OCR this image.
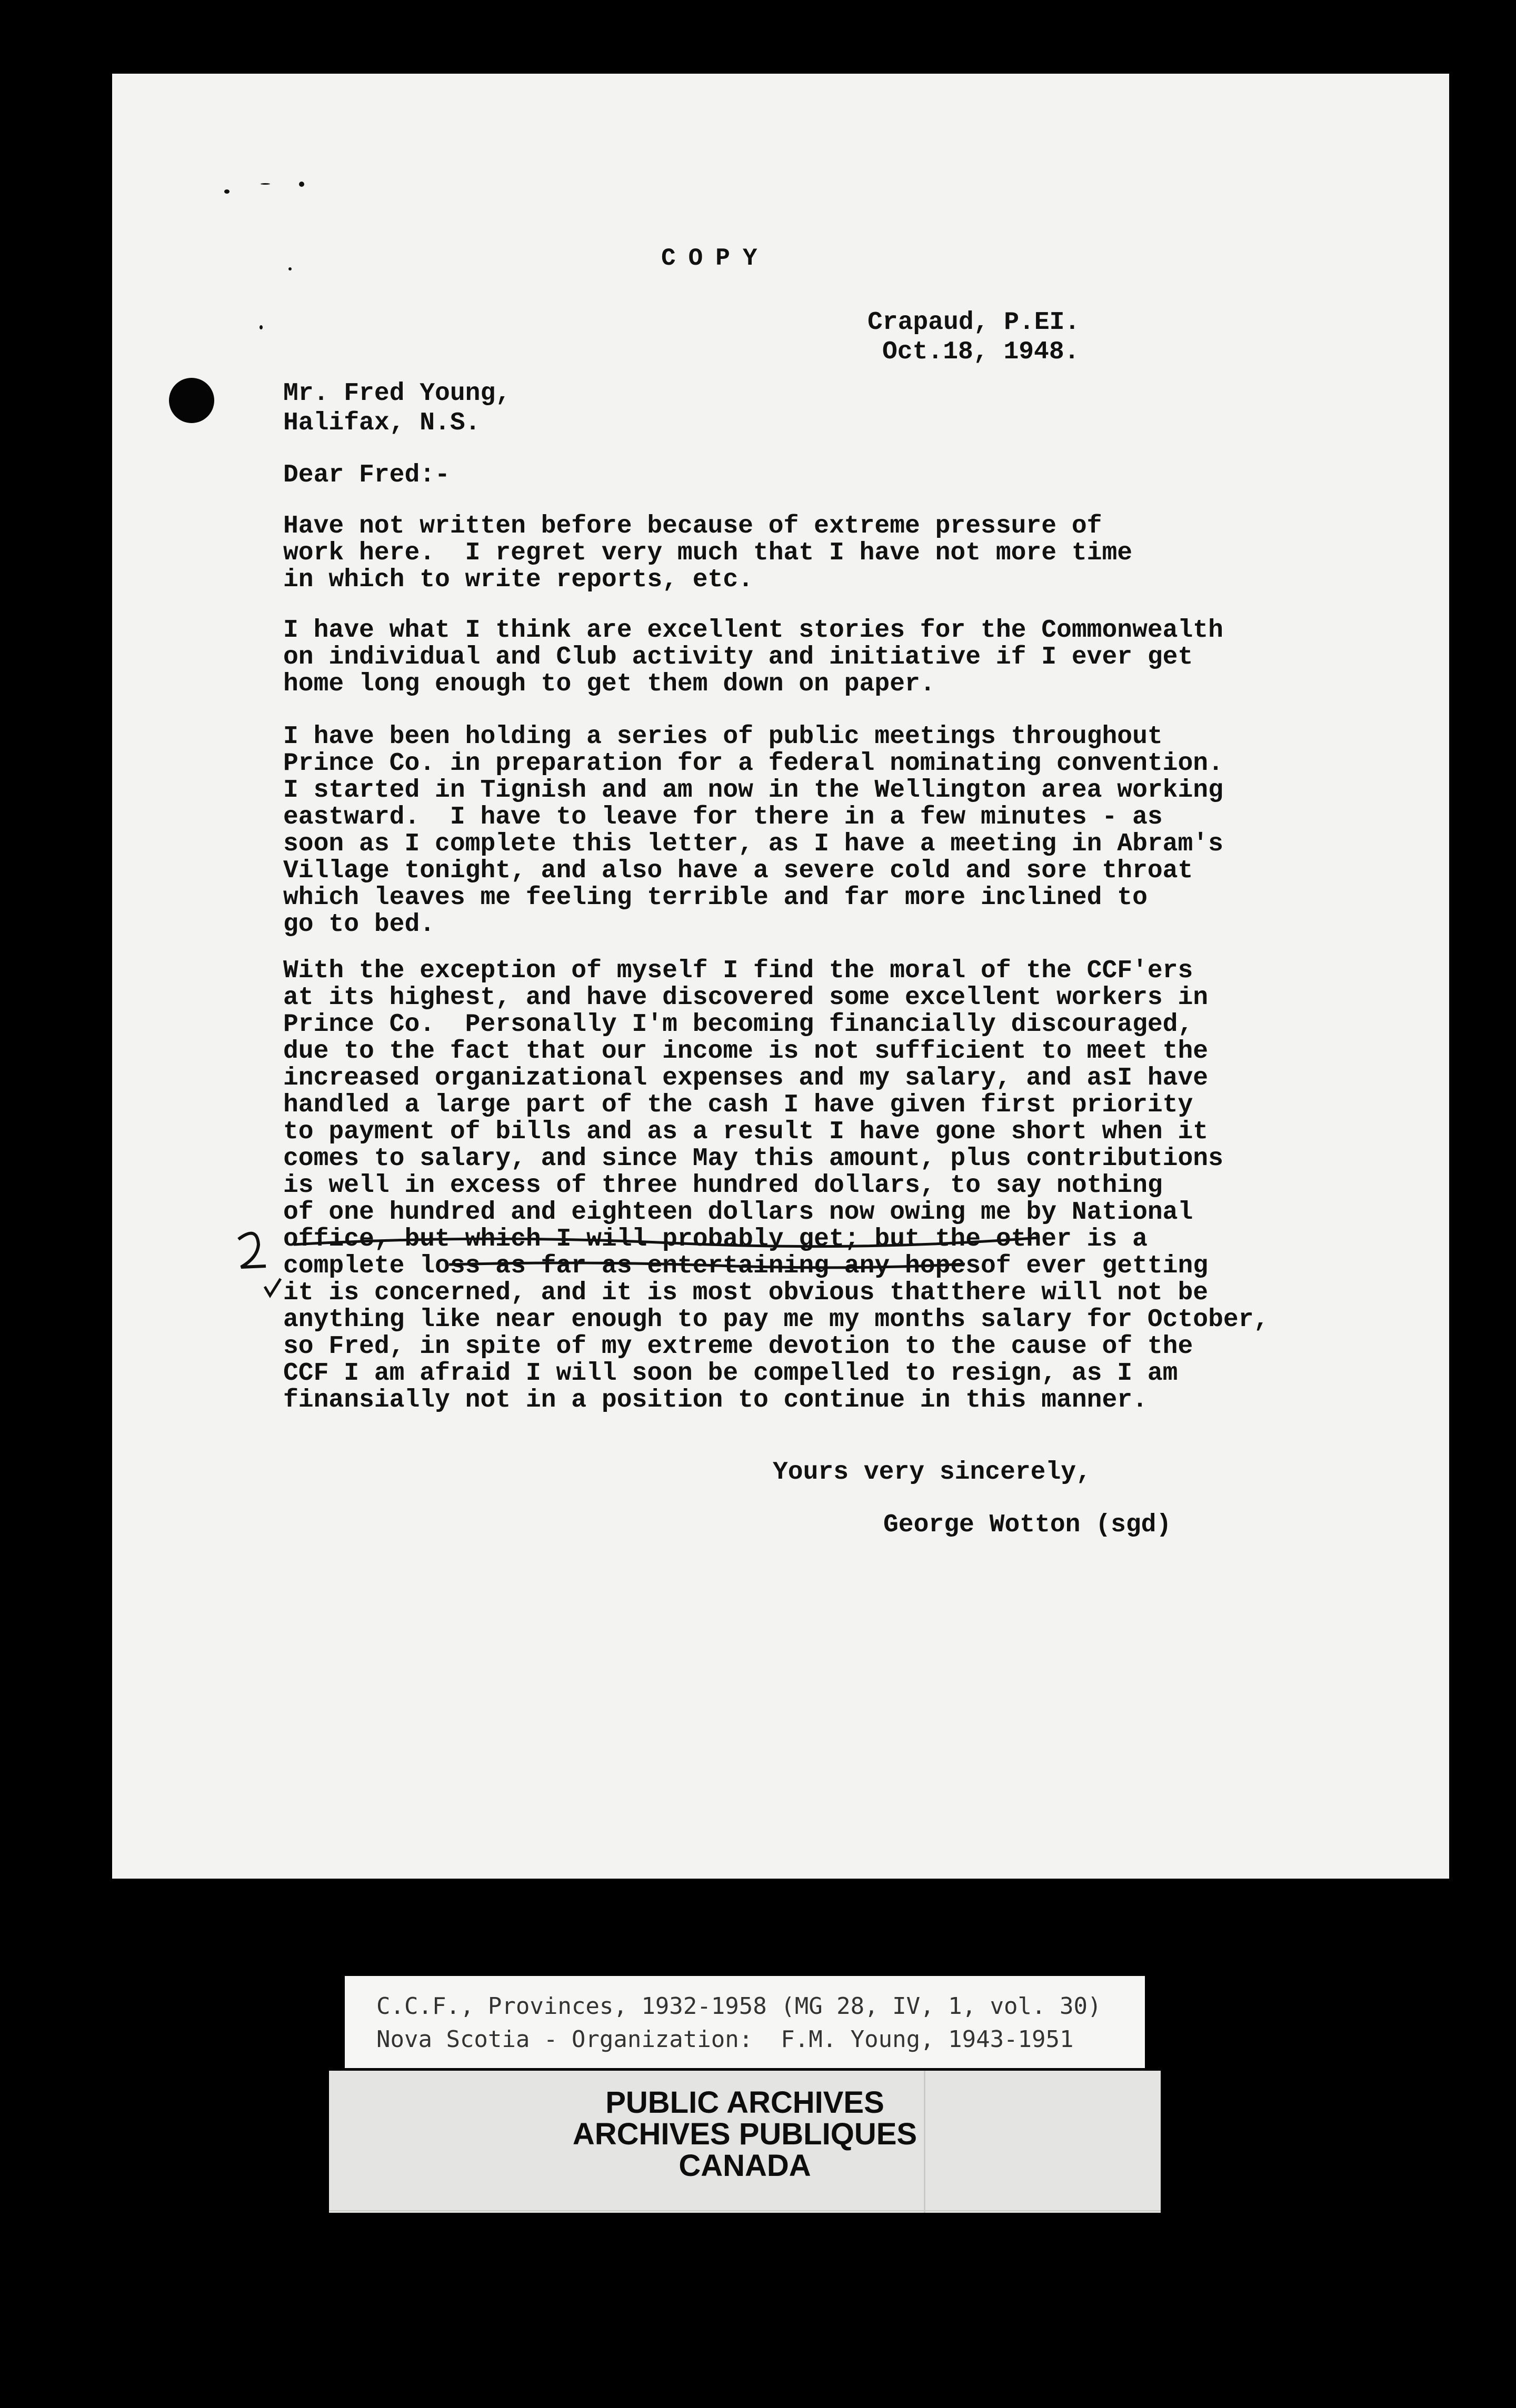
COPY
Crapaud, P.EI.
Oct.18, 1948.
Mr. Fred Young,
Halifax, N.S.
Dear Fred:-
Have not written before because of extreme pressure of
work here.  I regret very much that I have not more time
in which to write reports, etc.
I have what I think are excellent stories for the Commonwealth
on individual and Club activity and initiative if I ever get
home long enough to get them down on paper.
I have been holding a series of public meetings throughout
Prince Co. in preparation for a federal nominating convention.
I started in Tignish and am now in the Wellington area working
eastward.  I have to leave for there in a few minutes - as
soon as I complete this letter, as I have a meeting in Abram's
Village tonight, and also have a severe cold and sore throat
which leaves me feeling terrible and far more inclined to
go to bed.
With the exception of myself I find the moral of the CCF'ers
at its highest, and have discovered some excellent workers in
Prince Co.  Personally I'm becoming financially discouraged,
due to the fact that our income is not sufficient to meet the
increased organizational expenses and my salary, and asI have
handled a large part of the cash I have given first priority
to payment of bills and as a result I have gone short when it
comes to salary, and since May this amount, plus contributions
is well in excess of three hundred dollars, to say nothing
of one hundred and eighteen dollars now owing me by National
office, but which I will probably get; but the other is a
complete loss as far as entertaining any hopesof ever getting
it is concerned, and it is most obvious thatthere will not be
anything like near enough to pay me my months salary for October,
so Fred, in spite of my extreme devotion to the cause of the
CCF I am afraid I will soon be compelled to resign, as I am
finansially not in a position to continue in this manner.
Yours very sincerely,
George Wotton (sgd)
C.C.F., Provinces, 1932-1958 (MG 28, IV, 1, vol. 30)
Nova Scotia - Organization:  F.M. Young, 1943-1951
PUBLIC ARCHIVES
ARCHIVES PUBLIQUES
CANADA
